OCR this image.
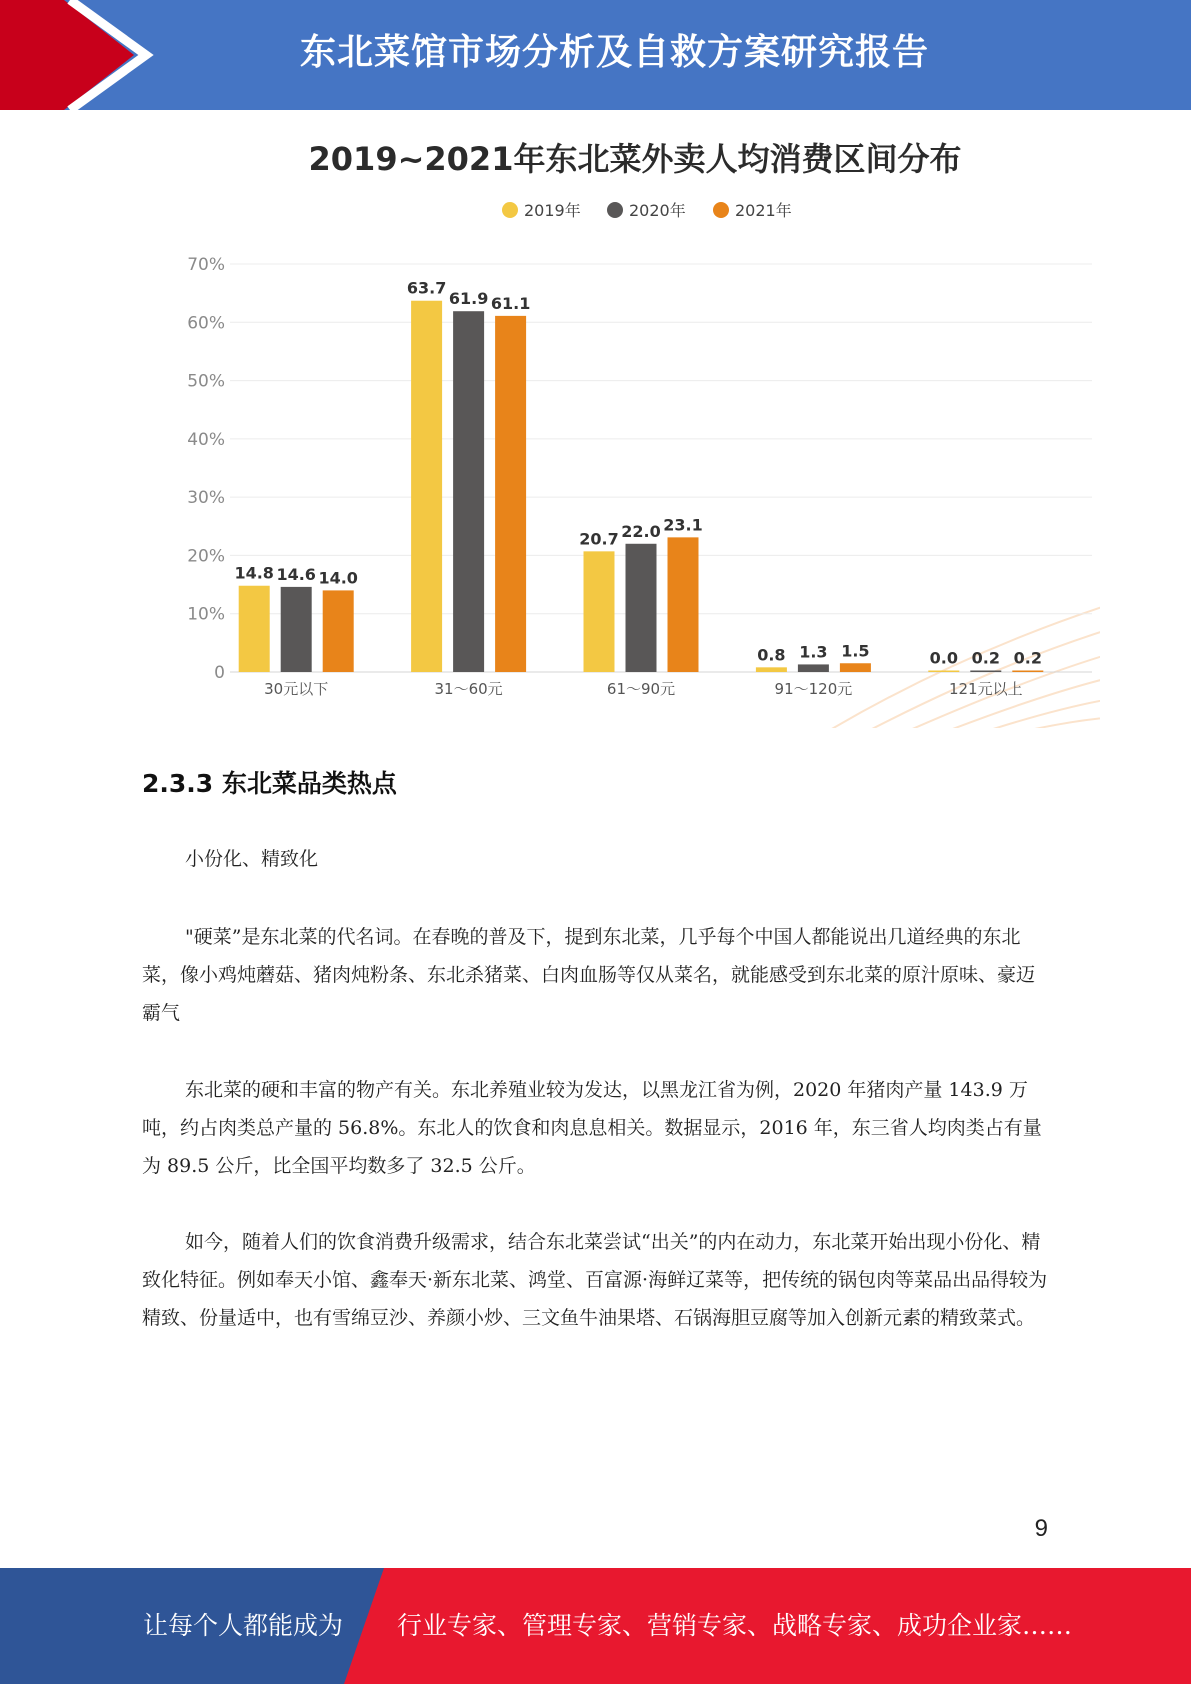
东北菜馆市场分析及自救方案研究报告
2019~2021年东北菜外卖人均消费区间分布
2019年	2020年	2021年
0
10%
20%
30%
40%
50%
60%
70%
14.8 14.6 14.0
63.7
61.9 61.1
20.7 22.0 23.1
0.8 1.3 1.5	0.0 0.2 0.2
30元以下	31～60元	61～90元	91～120元	121元以上
2.3.3 东北菜品类热点

小份化、精致化

"硬菜”是东北菜的代名词。在春晚的普及下，提到东北菜，几乎每个中国人都能说出几道经典的东北菜，像小鸡炖蘑菇、猪肉炖粉条、东北杀猪菜、白肉血肠等仅从菜名，就能感受到东北菜的原汁原味、豪迈霸气

东北菜的硬和丰富的物产有关。东北养殖业较为发达，以黑龙江省为例，2020 年猪肉产量 143.9 万吨，约占肉类总产量的 56.8%。东北人的饮食和肉息息相关。数据显示，2016 年，东三省人均肉类占有量为 89.5 公斤，比全国平均数多了 32.5 公斤。

如今，随着人们的饮食消费升级需求，结合东北菜尝试“出关”的内在动力，东北菜开始出现小份化、精致化特征。例如奉天小馆、鑫奉天·新东北菜、鸿堂、百富源·海鲜辽菜等，把传统的锅包肉等菜品出品得较为精致、份量适中，也有雪绵豆沙、养颜小炒、三文鱼牛油果塔、石锅海胆豆腐等加入创新元素的精致菜式。

9
让每个人都能成为 行业专家、管理专家、营销专家、战略专家、成功企业家……
